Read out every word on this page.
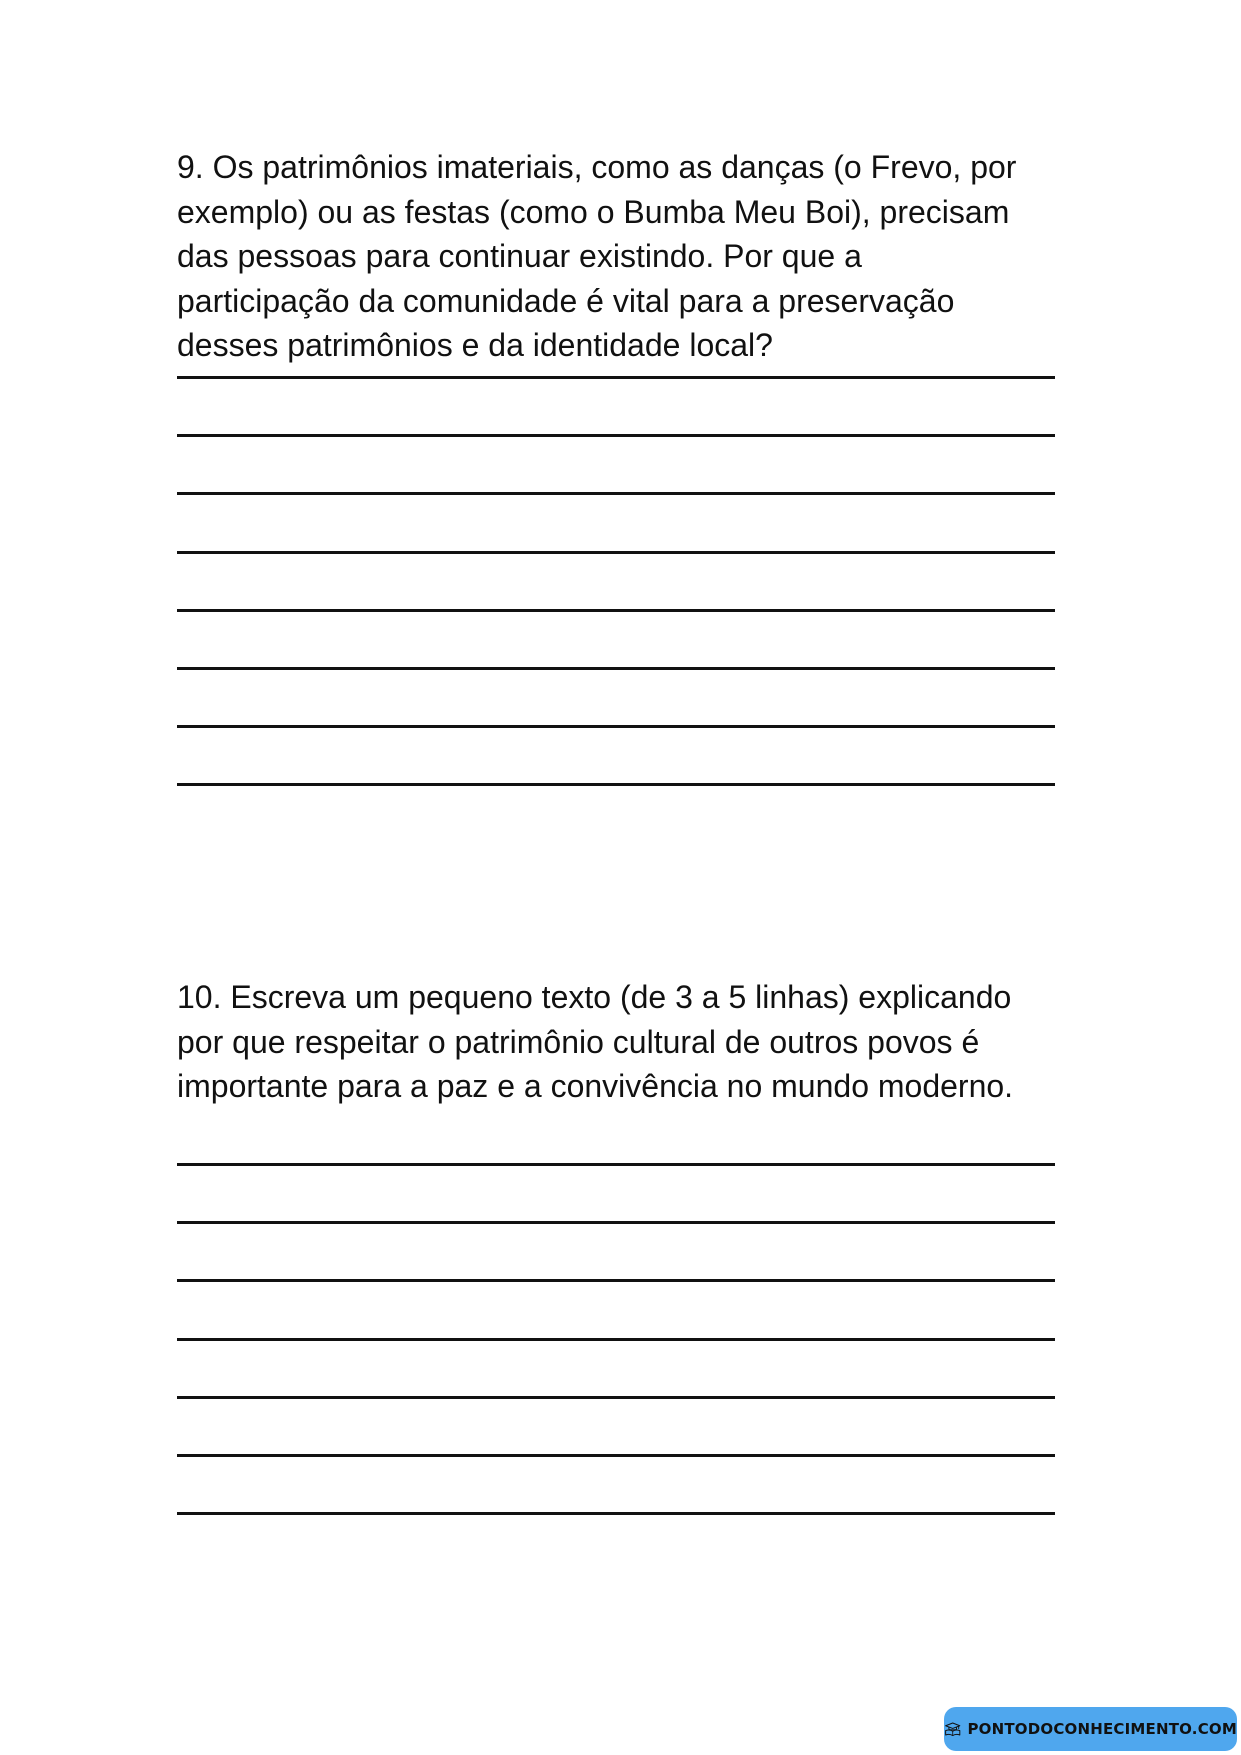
9. Os patrimônios imateriais, como as danças (o Frevo, por
exemplo) ou as festas (como o Bumba Meu Boi), precisam
das pessoas para continuar existindo. Por que a
participação da comunidade é vital para a preservação
desses patrimônios e da identidade local?

10. Escreva um pequeno texto (de 3 a 5 linhas) explicando
por que respeitar o patrimônio cultural de outros povos é
importante para a paz e a convivência no mundo moderno.

PONTODOCONHECIMENTO.COM
